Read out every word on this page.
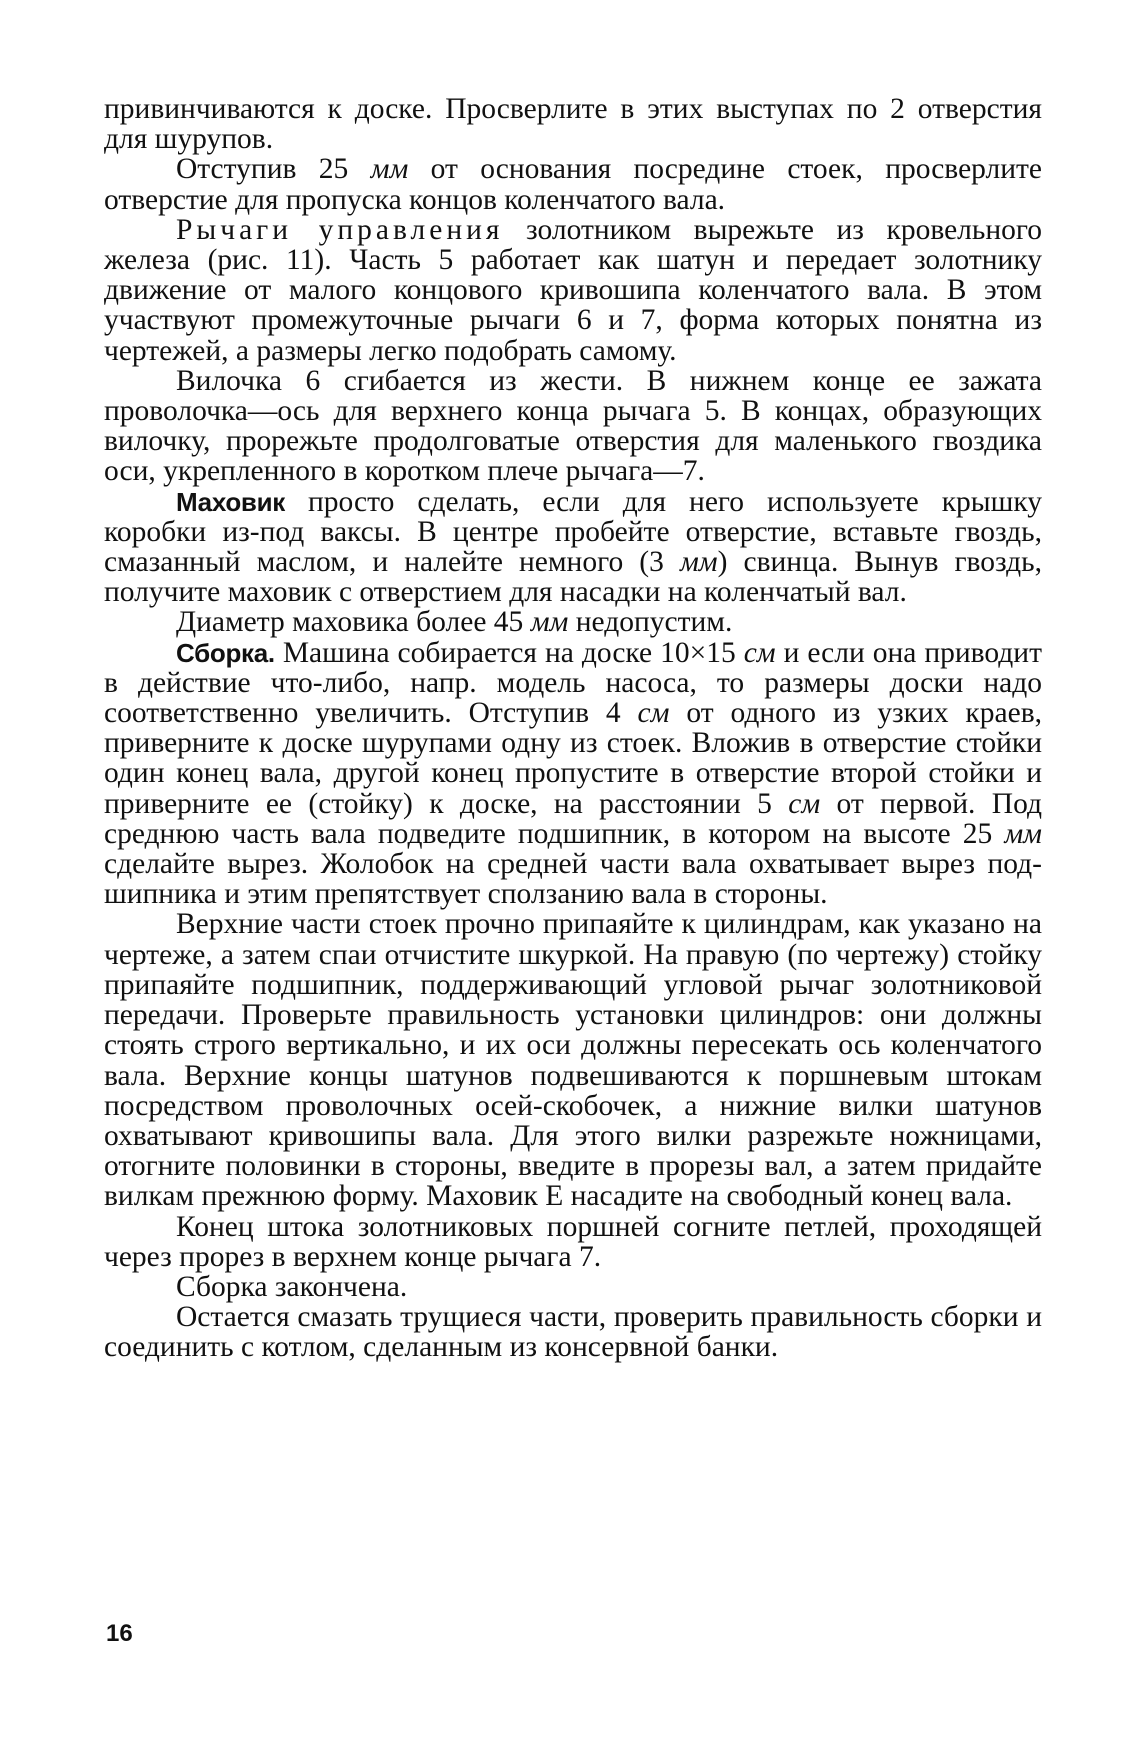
привинчиваются к доске. Просверлите в этих выступах по 2 отверстия для шурупов.

Отступив 25 мм от основания посредине стоек, просверлите отверстие для пропуска концов коленчатого вала.

Рычаги управления золотником вырежьте из кровельного железа (рис. 11). Часть 5 работает как шатун и передает золотнику движение от малого концового кривошипа коленчатого вала. В этом участвуют промежуточные рычаги 6 и 7, форма которых понятна из чертежей, а размеры легко подобрать самому.

Вилочка 6 сгибается из жести. В нижнем конце ее зажата проволочка—ось для верхнего конца рычага 5. В концах, образующих вилочку, прорежьте продолговатые отверстия для маленького гвоздика оси, укрепленного в коротком плече рычага—7.

Маховик просто сделать, если для него используете крышку коробки из-под ваксы. В центре пробейте отверстие, вставьте гвоздь, смазанный маслом, и налейте немного (3 мм) свинца. Вынув гвоздь, получите маховик с отверстием для насадки на коленчатый вал.

Диаметр маховика более 45 мм недопустим.

Сборка. Машина собирается на доске 10×15 см и если она приводит в действие что-либо, напр. модель насоса, то размеры доски надо соответственно увеличить. Отступив 4 см от одного из узких краев, приверните к доске шурупами одну из стоек. Вложив в отверстие стойки один конец вала, другой конец пропустите в отверстие второй стойки и приверните ее (стойку) к доске, на расстоянии 5 см от первой. Под среднюю часть вала подведите подшипник, в котором на высоте 25 мм сделайте вырез. Жолобок на средней части вала охватывает вырез подшипника и этим препятствует сползанию вала в стороны.

Верхние части стоек прочно припаяйте к цилиндрам, как указано на чертеже, а затем спаи отчистите шкуркой. На правую (по чертежу) стойку припаяйте подшипник, поддерживающий угловой рычаг золотниковой передачи. Проверьте правильность установки цилиндров: они должны стоять строго вертикально, и их оси должны пересекать ось коленчатого вала. Верхние концы шатунов подвешиваются к поршневым штокам посредством проволочных осей-скобочек, а нижние вилки шатунов охватывают кривошипы вала. Для этого вилки разрежьте ножницами, отогните половинки в стороны, введите в прорезы вал, а затем придайте вилкам прежнюю форму. Маховик Е насадите на свободный конец вала.

Конец штока золотниковых поршней согните петлей, проходящей через прорез в верхнем конце рычага 7.

Сборка закончена.

Остается смазать трущиеся части, проверить правильность сборки и соединить с котлом, сделанным из консервной банки.

16
